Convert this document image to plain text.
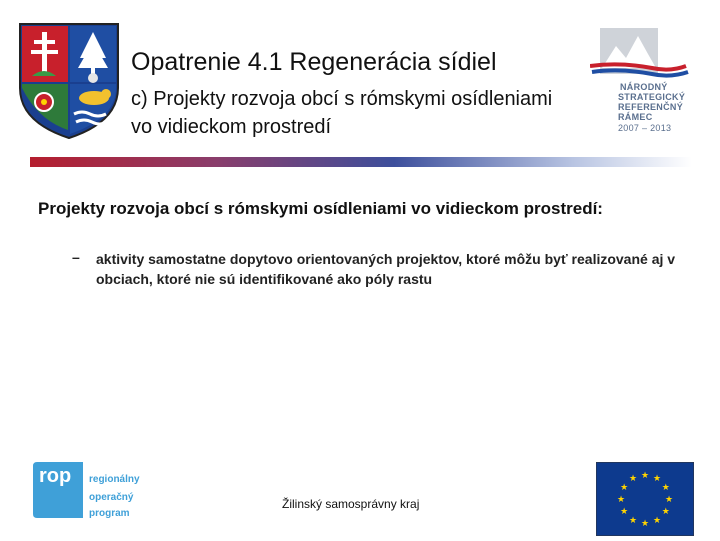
Opatrenie 4.1 Regenerácia sídiel
c) Projekty rozvoja obcí s rómskymi osídleniami vo vidieckom prostredí
NÁRODNÝ
STRATEGICKÝ
REFERENČNÝ
RÁMEC
2007 – 2013
Projekty rozvoja obcí s rómskymi osídleniami vo vidieckom prostredí:
– aktivity samostatne dopytovo orientovaných projektov, ktoré môžu byť realizované aj v obciach, ktoré nie sú identifikované ako póly rastu
rop regionálny
operačný
program
Žilinský samosprávny kraj
★ ★
★
★
★
★
★
★
★
★
★
★
